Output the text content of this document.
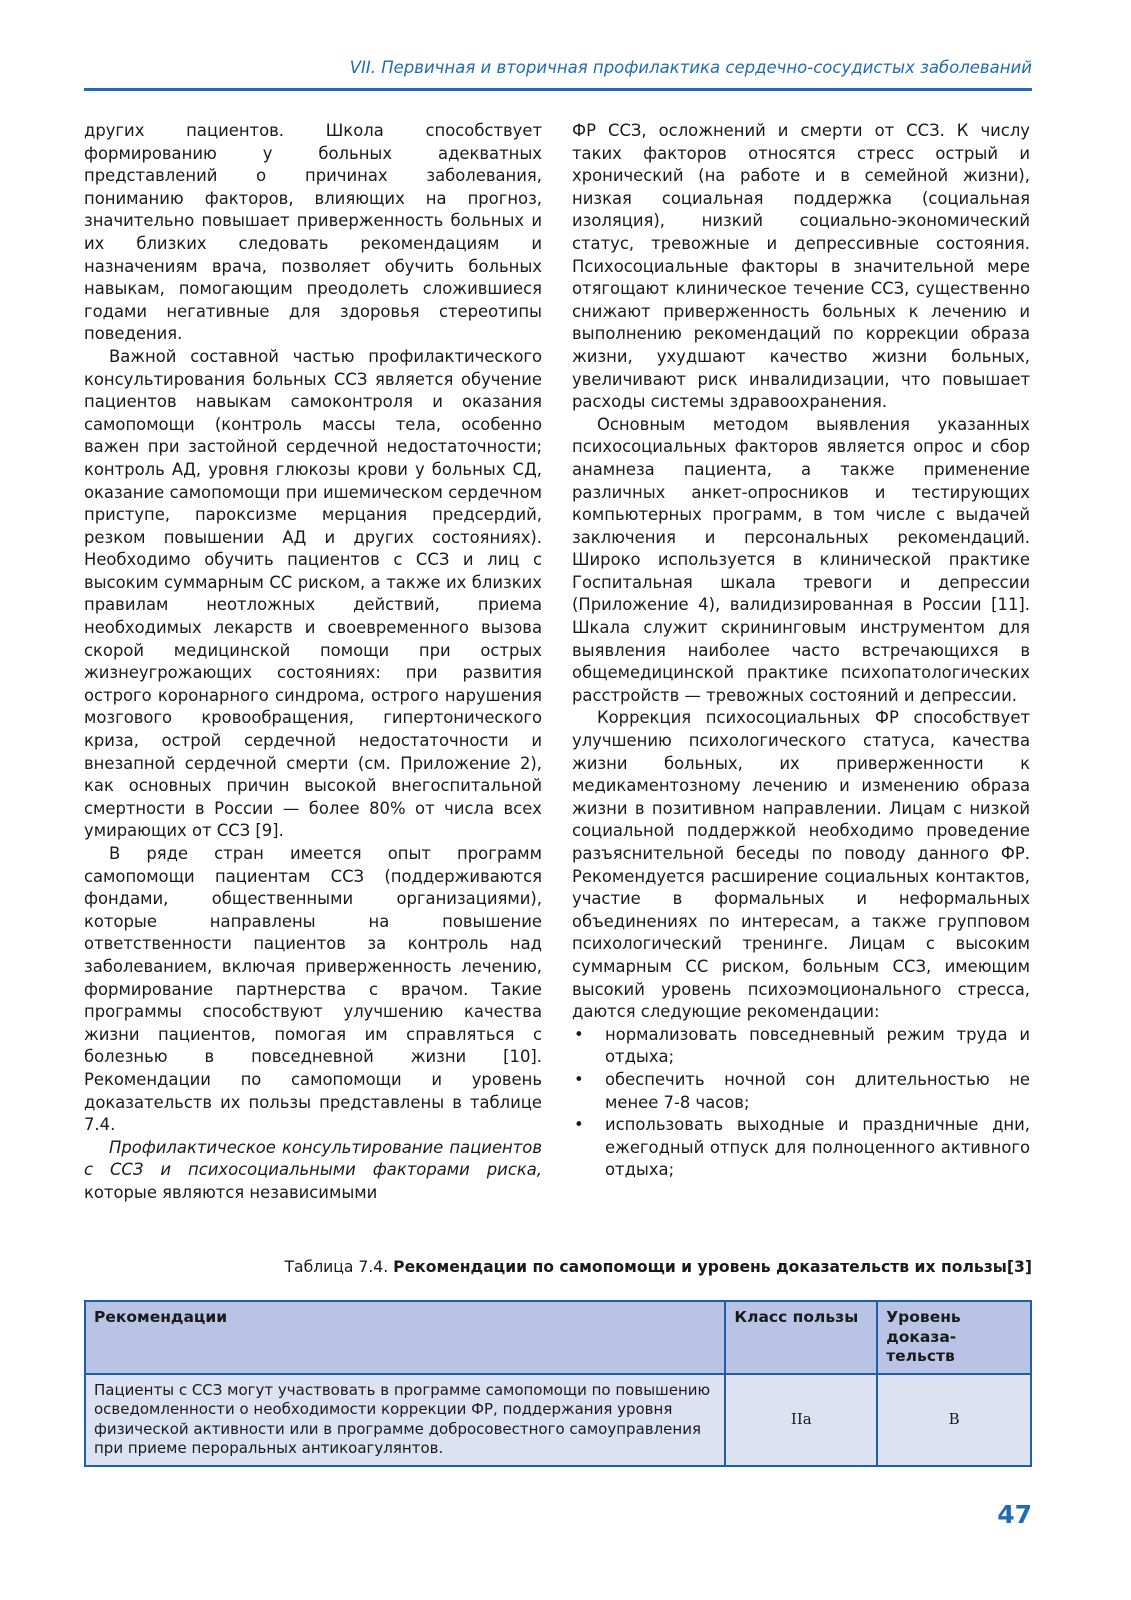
VII. Первичная и вторичная профилактика сердечно-сосудистых заболеваний

других пациентов. Школа способствует формированию у больных адекватных представлений о причинах заболевания, пониманию факторов, влияющих на прогноз, значительно повышает приверженность больных и их близких следовать рекомендациям и назначениям врача, позволяет обучить больных навыкам, помогающим преодолеть сложившиеся годами негативные для здоровья стереотипы поведения.

Важной составной частью профилактического консультирования больных ССЗ является обучение пациентов навыкам самоконтроля и оказания самопомощи (контроль массы тела, особенно важен при застойной сердечной недостаточности; контроль АД, уровня глюкозы крови у больных СД, оказание самопомощи при ишемическом сердечном приступе, пароксизме мерцания предсердий, резком повышении АД и других состояниях). Необходимо обучить пациентов с ССЗ и лиц с высоким суммарным СС риском, а также их близких правилам неотложных действий, приема необходимых лекарств и своевременного вызова скорой медицинской помощи при острых жизнеугрожающих состояниях: при развития острого коронарного синдрома, острого нарушения мозгового кровообращения, гипертонического криза, острой сердечной недостаточности и внезапной сердечной смерти (см. Приложение 2), как основных причин высокой внегоспитальной смертности в России — более 80% от числа всех умирающих от ССЗ [9].

В ряде стран имеется опыт программ самопомощи пациентам ССЗ (поддерживаются фондами, общественными организациями), которые направлены на повышение ответственности пациентов за контроль над заболеванием, включая приверженность лечению, формирование партнерства с врачом. Такие программы способствуют улучшению качества жизни пациентов, помогая им справляться с болезнью в повседневной жизни [10]. Рекомендации по самопомощи и уровень доказательств их пользы представлены в таблице 7.4.

Профилактическое консультирование пациентов с ССЗ и психосоциальными факторами риска, которые являются независимыми

ФР ССЗ, осложнений и смерти от ССЗ. К числу таких факторов относятся стресс острый и хронический (на работе и в семейной жизни), низкая социальная поддержка (социальная изоляция), низкий социально-экономический статус, тревожные и депрессивные состояния. Психосоциальные факторы в значительной мере отягощают клиническое течение ССЗ, существенно снижают приверженность больных к лечению и выполнению рекомендаций по коррекции образа жизни, ухудшают качество жизни больных, увеличивают риск инвалидизации, что повышает расходы системы здравоохранения.

Основным методом выявления указанных психосоциальных факторов является опрос и сбор анамнеза пациента, а также применение различных анкет-опросников и тестирующих компьютерных программ, в том числе с выдачей заключения и персональных рекомендаций. Широко используется в клинической практике Госпитальная шкала тревоги и депрессии (Приложение 4), валидизированная в России [11]. Шкала служит скрининговым инструментом для выявления наиболее часто встречающихся в общемедицинской практике психопатологических расстройств — тревожных состояний и депрессии.

Коррекция психосоциальных ФР способствует улучшению психологического статуса, качества жизни больных, их приверженности к медикаментозному лечению и изменению образа жизни в позитивном направлении. Лицам с низкой социальной поддержкой необходимо проведение разъяснительной беседы по поводу данного ФР. Рекомендуется расширение социальных контактов, участие в формальных и неформальных объединениях по интересам, а также групповом психологический тренинге. Лицам с высоким суммарным СС риском, больным ССЗ, имеющим высокий уровень психоэмоционального стресса, даются следующие рекомендации:

• нормализовать повседневный режим труда и отдыха;
• обеспечить ночной сон длительностью не менее 7-8 часов;
• использовать выходные и праздничные дни, ежегодный отпуск для полноценного активного отдыха;
Таблица 7.4. Рекомендации по самопомощи и уровень доказательств их пользы[3]
Рекомендации	Класс пользы	Уровень доказа-тельств
Пациенты с ССЗ могут участвовать в программе самопомощи по повышению осведомленности о необходимости коррекции ФР, поддержания уровня физической активности или в программе добросовестного самоуправления при приеме пероральных антикоагулянтов.	IIa	B
47
